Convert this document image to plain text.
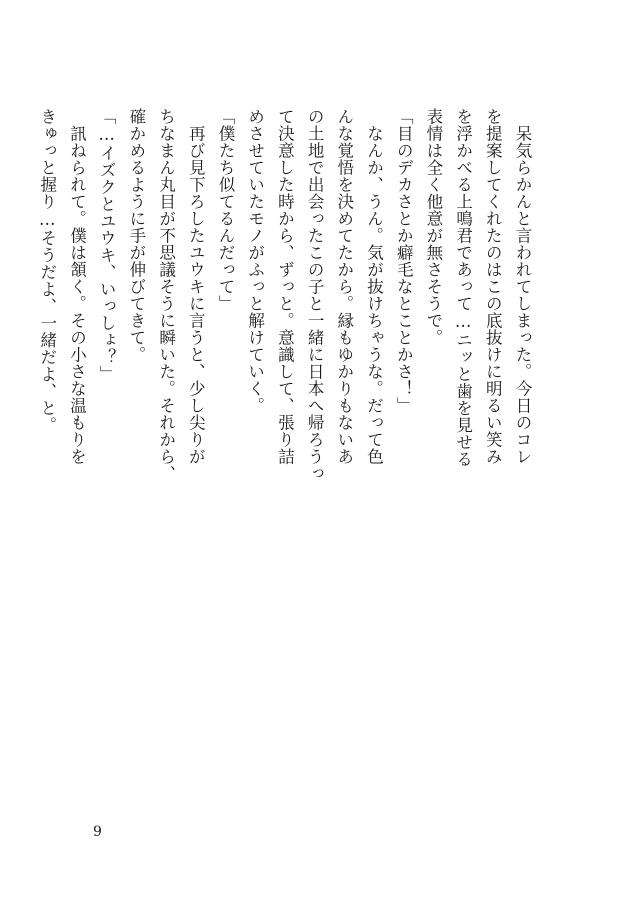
呆気らかんと言われてしまった。今日のコレ

を提案してくれたのはこの底抜けに明るい笑み

を浮かべる上鳴君であって…ニッと歯を見せる

表情は全く他意が無さそうで。

「目のデカさとか癖毛なとことかさ！」

なんか、うん。気が抜けちゃうな。だって色

んな覚悟を決めてたから。縁もゆかりもないあ

の土地で出会ったこの子と一緒に日本へ帰ろうっ

て決意した時から、ずっと。意識して、張り詰

めさせていたモノがふっと解けていく。

「僕たち似てるんだって」

再び見下ろしたユウキに言うと、少し尖りが

ちなまん丸目が不思議そうに瞬いた。それから、

確かめるように手が伸びてきて。

「…イズクとユウキ、いっしょ？」

訊ねられて。僕は頷く。その小さな温もりを

きゅっと握り…そうだよ、一緒だよ、と。

9
